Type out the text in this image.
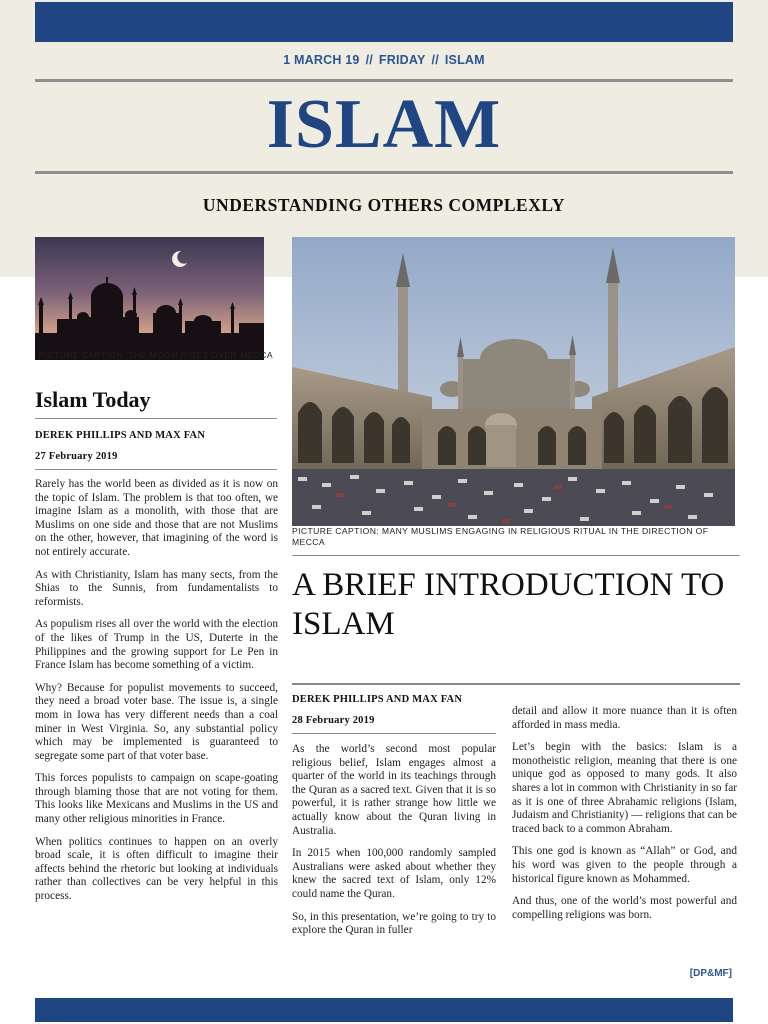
1 MARCH 19 // FRIDAY // ISLAM
ISLAM
UNDERSTANDING OTHERS COMPLEXLY
PICTURE CAPTION: THE MOON RISES OVER MECCA
PICTURE CAPTION: MANY MUSLIMS ENGAGING IN RELIGIOUS RITUAL IN THE DIRECTION OF MECCA
Islam Today
DEREK PHILLIPS AND MAX FAN
27 February 2019

Rarely has the world been as divided as it is now on the topic of Islam. The problem is that too often, we imagine Islam as a monolith, with those that are Muslims on one side and those that are not Muslims on the other, however, that imagining of the word is not entirely accurate.

As with Christianity, Islam has many sects, from the Shias to the Sunnis, from fundamentalists to reformists.

As populism rises all over the world with the election of the likes of Trump in the US, Duterte in the Philippines and the growing support for Le Pen in France Islam has become something of a victim.

Why? Because for populist movements to succeed, they need a broad voter base. The issue is, a single mom in Iowa has very different needs than a coal miner in West Virginia. So, any substantial policy which may be implemented is guaranteed to segregate some part of that voter base.

This forces populists to campaign on scape-goating through blaming those that are not voting for them. This looks like Mexicans and Muslims in the US and many other religious minorities in France.

When politics continues to happen on an overly broad scale, it is often difficult to imagine their affects behind the rhetoric but looking at individuals rather than collectives can be very helpful in this process.

A BRIEF INTRODUCTION TO ISLAM
DEREK PHILLIPS AND MAX FAN
28 February 2019

As the world’s second most popular religious belief, Islam engages almost a quarter of the world in its teachings through the Quran as a sacred text. Given that it is so powerful, it is rather strange how little we actually know about the Quran living in Australia.

In 2015 when 100,000 randomly sampled Australians were asked about whether they knew the sacred text of Islam, only 12% could name the Quran.

So, in this presentation, we’re going to try to explore the Quran in fuller

detail and allow it more nuance than it is often afforded in mass media.

Let’s begin with the basics: Islam is a monotheistic religion, meaning that there is one unique god as opposed to many gods. It also shares a lot in common with Christianity in so far as it is one of three Abrahamic religions (Islam, Judaism and Christianity) — religions that can be traced back to a common Abraham.

This one god is known as “Allah” or God, and his word was given to the people through a historical figure known as Mohammed.

And thus, one of the world’s most powerful and compelling religions was born.

[DP&MF]
